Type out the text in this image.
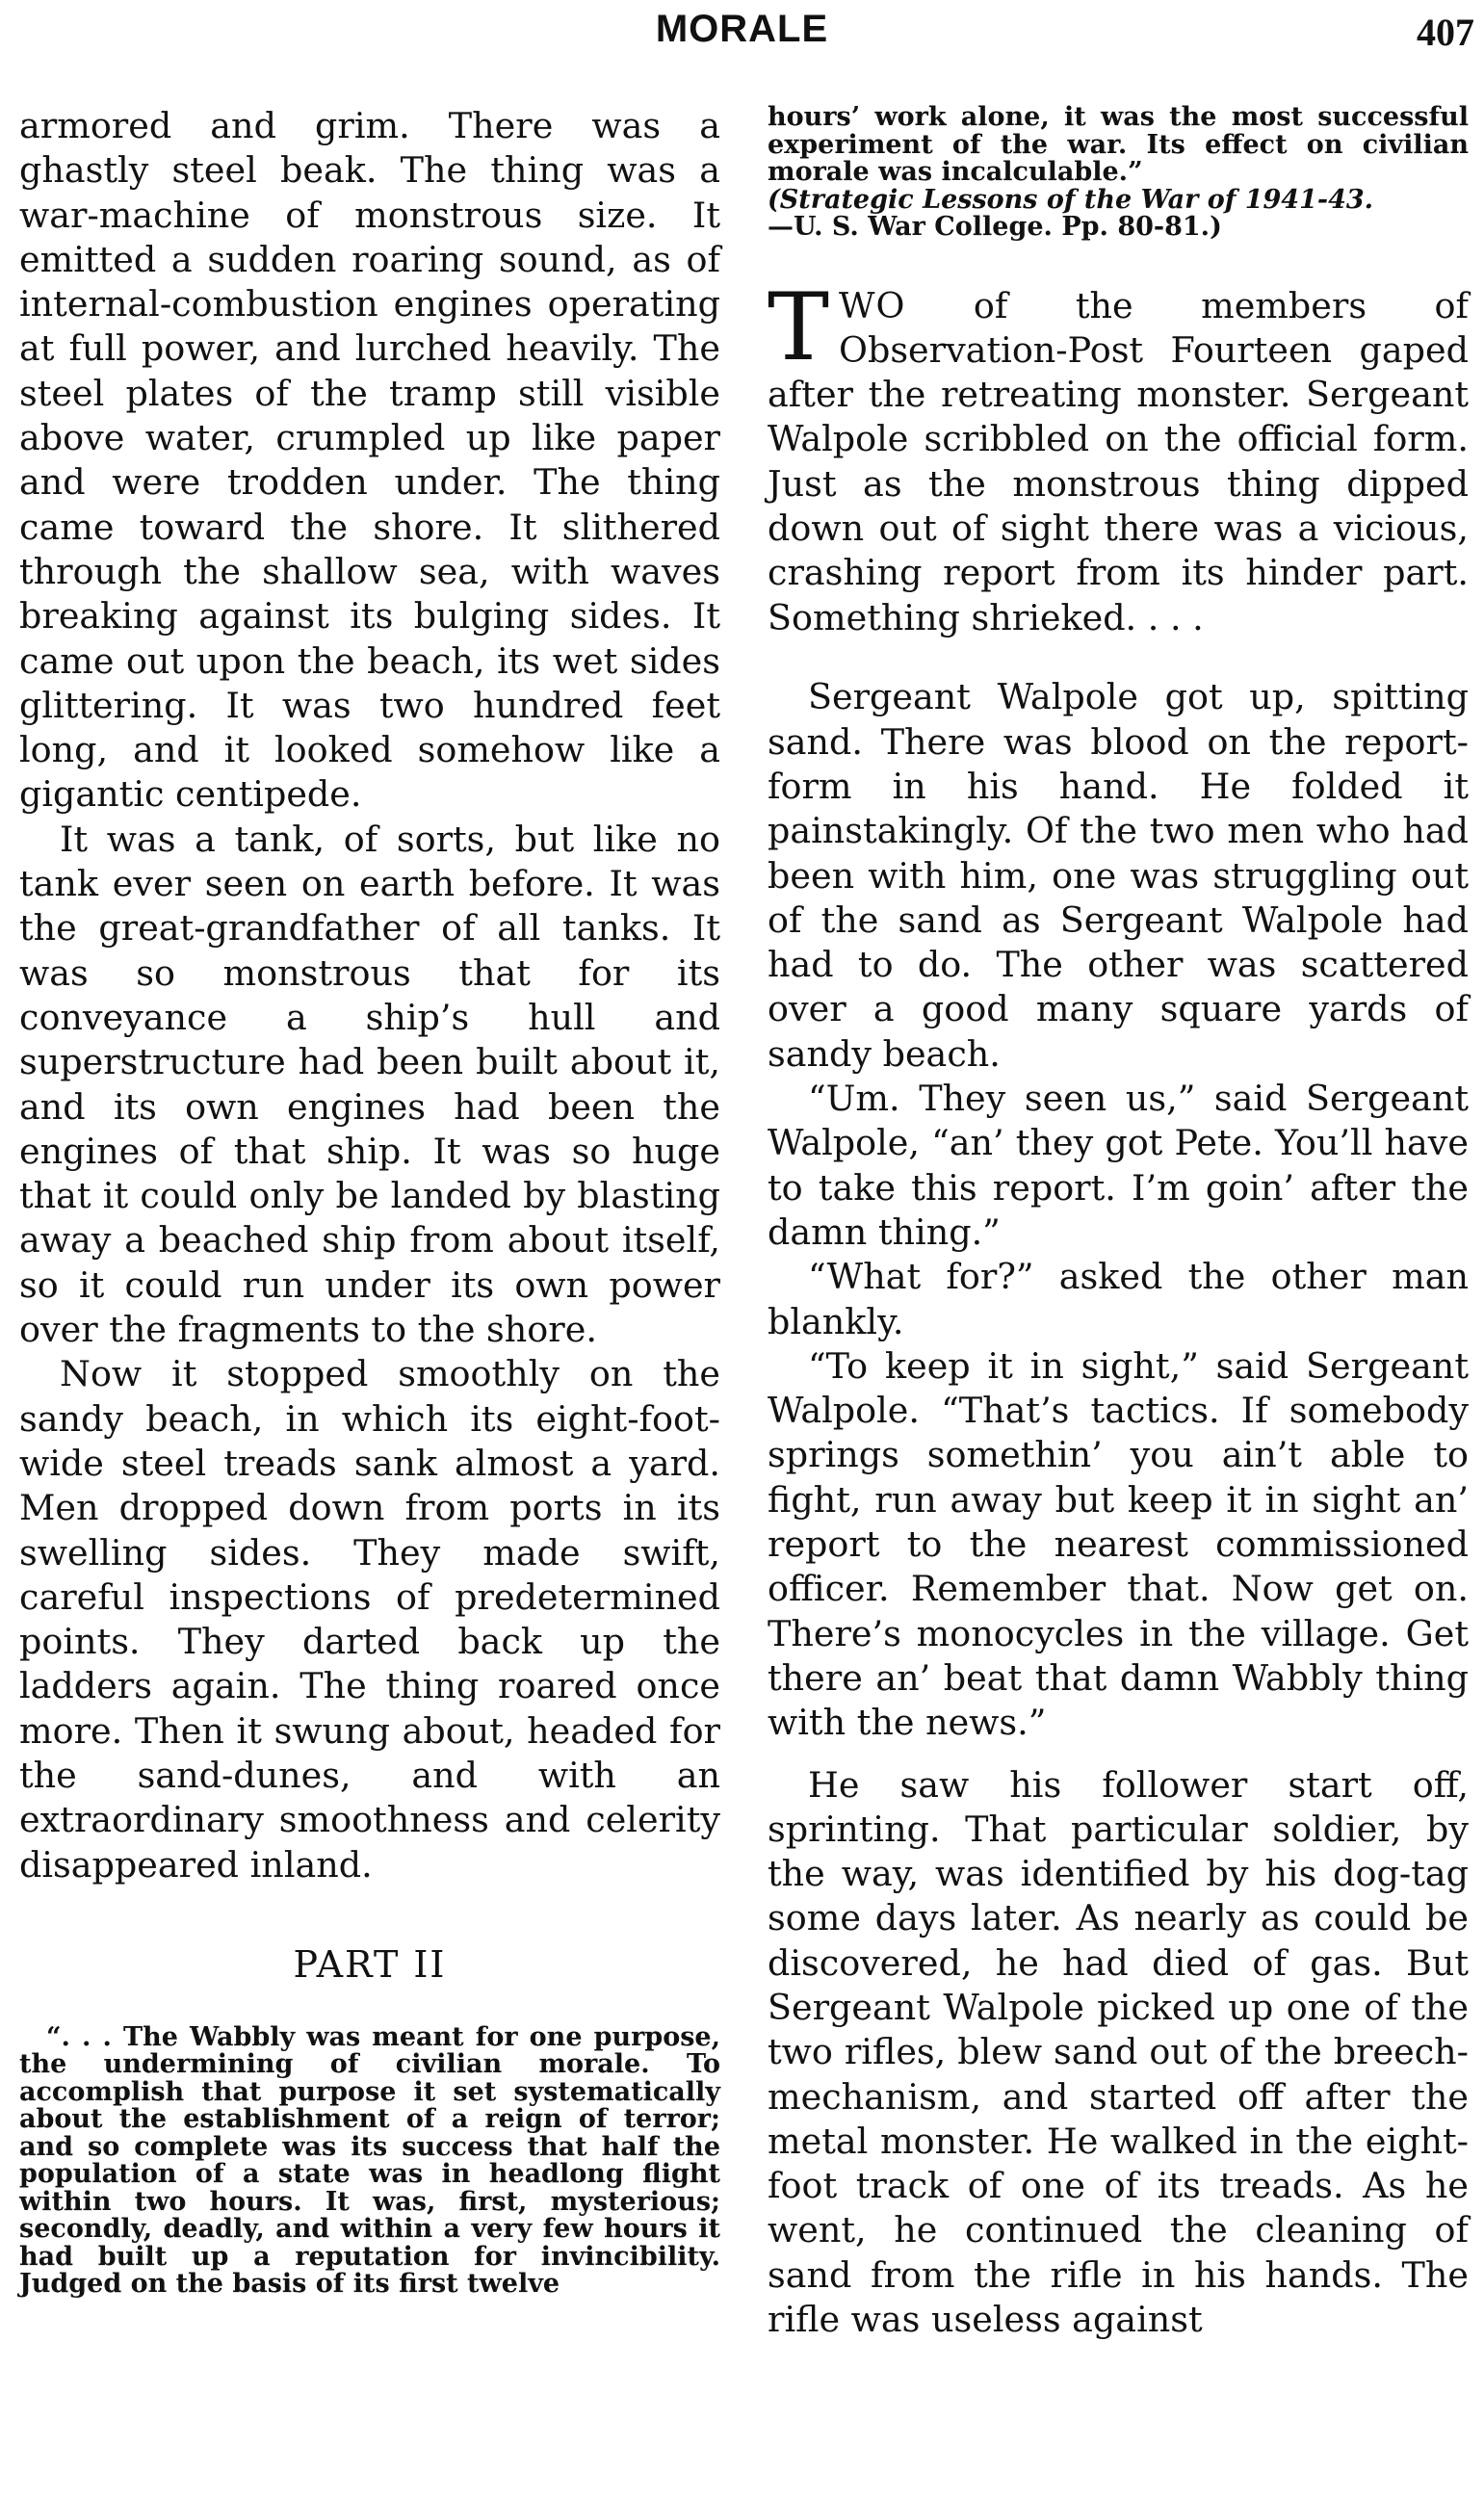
MORALE	407

armored and grim. There was a ghastly steel beak. The thing was a war-machine of monstrous size. It emitted a sudden roaring sound, as of internal-combustion engines operating at full power, and lurched heavily. The steel plates of the tramp still visible above water, crumpled up like paper and were trodden under. The thing came toward the shore. It slithered through the shallow sea, with waves breaking against its bulging sides. It came out upon the beach, its wet sides glittering. It was two hundred feet long, and it looked somehow like a gigantic centipede.

It was a tank, of sorts, but like no tank ever seen on earth before. It was the great-grandfather of all tanks. It was so monstrous that for its conveyance a ship’s hull and superstructure had been built about it, and its own engines had been the engines of that ship. It was so huge that it could only be landed by blasting away a beached ship from about itself, so it could run under its own power over the fragments to the shore.

Now it stopped smoothly on the sandy beach, in which its eight-foot-wide steel treads sank almost a yard. Men dropped down from ports in its swelling sides. They made swift, careful inspections of predetermined points. They darted back up the ladders again. The thing roared once more. Then it swung about, headed for the sand-dunes, and with an extraordinary smoothness and celerity disappeared inland.

PART II

“. . . The Wabbly was meant for one purpose, the undermining of civilian morale. To accomplish that purpose it set systematically about the establishment of a reign of terror; and so complete was its success that half the population of a state was in headlong flight within two hours. It was, first, mysterious; secondly, deadly, and within a very few hours it had built up a reputation for invincibility. Judged on the basis of its first twelve

hours’ work alone, it was the most successful experiment of the war. Its effect on civilian morale was incalculable.”
(Strategic Lessons of the War of 1941-43.
—U. S. War College. Pp. 80-81.)

TWO of the members of Observation-Post Fourteen gaped after the retreating monster. Sergeant Walpole scribbled on the official form. Just as the monstrous thing dipped down out of sight there was a vicious, crashing report from its hinder part. Something shrieked. . . .

Sergeant Walpole got up, spitting sand. There was blood on the report-form in his hand. He folded it painstakingly. Of the two men who had been with him, one was struggling out of the sand as Sergeant Walpole had had to do. The other was scattered over a good many square yards of sandy beach.

“Um. They seen us,” said Sergeant Walpole, “an’ they got Pete. You’ll have to take this report. I’m goin’ after the damn thing.”

“What for?” asked the other man blankly.

“To keep it in sight,” said Sergeant Walpole. “That’s tactics. If somebody springs somethin’ you ain’t able to fight, run away but keep it in sight an’ report to the nearest commissioned officer. Remember that. Now get on. There’s monocycles in the village. Get there an’ beat that damn Wabbly thing with the news.”

He saw his follower start off, sprinting. That particular soldier, by the way, was identified by his dog-tag some days later. As nearly as could be discovered, he had died of gas. But Sergeant Walpole picked up one of the two rifles, blew sand out of the breech-mechanism, and started off after the metal monster. He walked in the eight-foot track of one of its treads. As he went, he continued the cleaning of sand from the rifle in his hands. The rifle was useless against
